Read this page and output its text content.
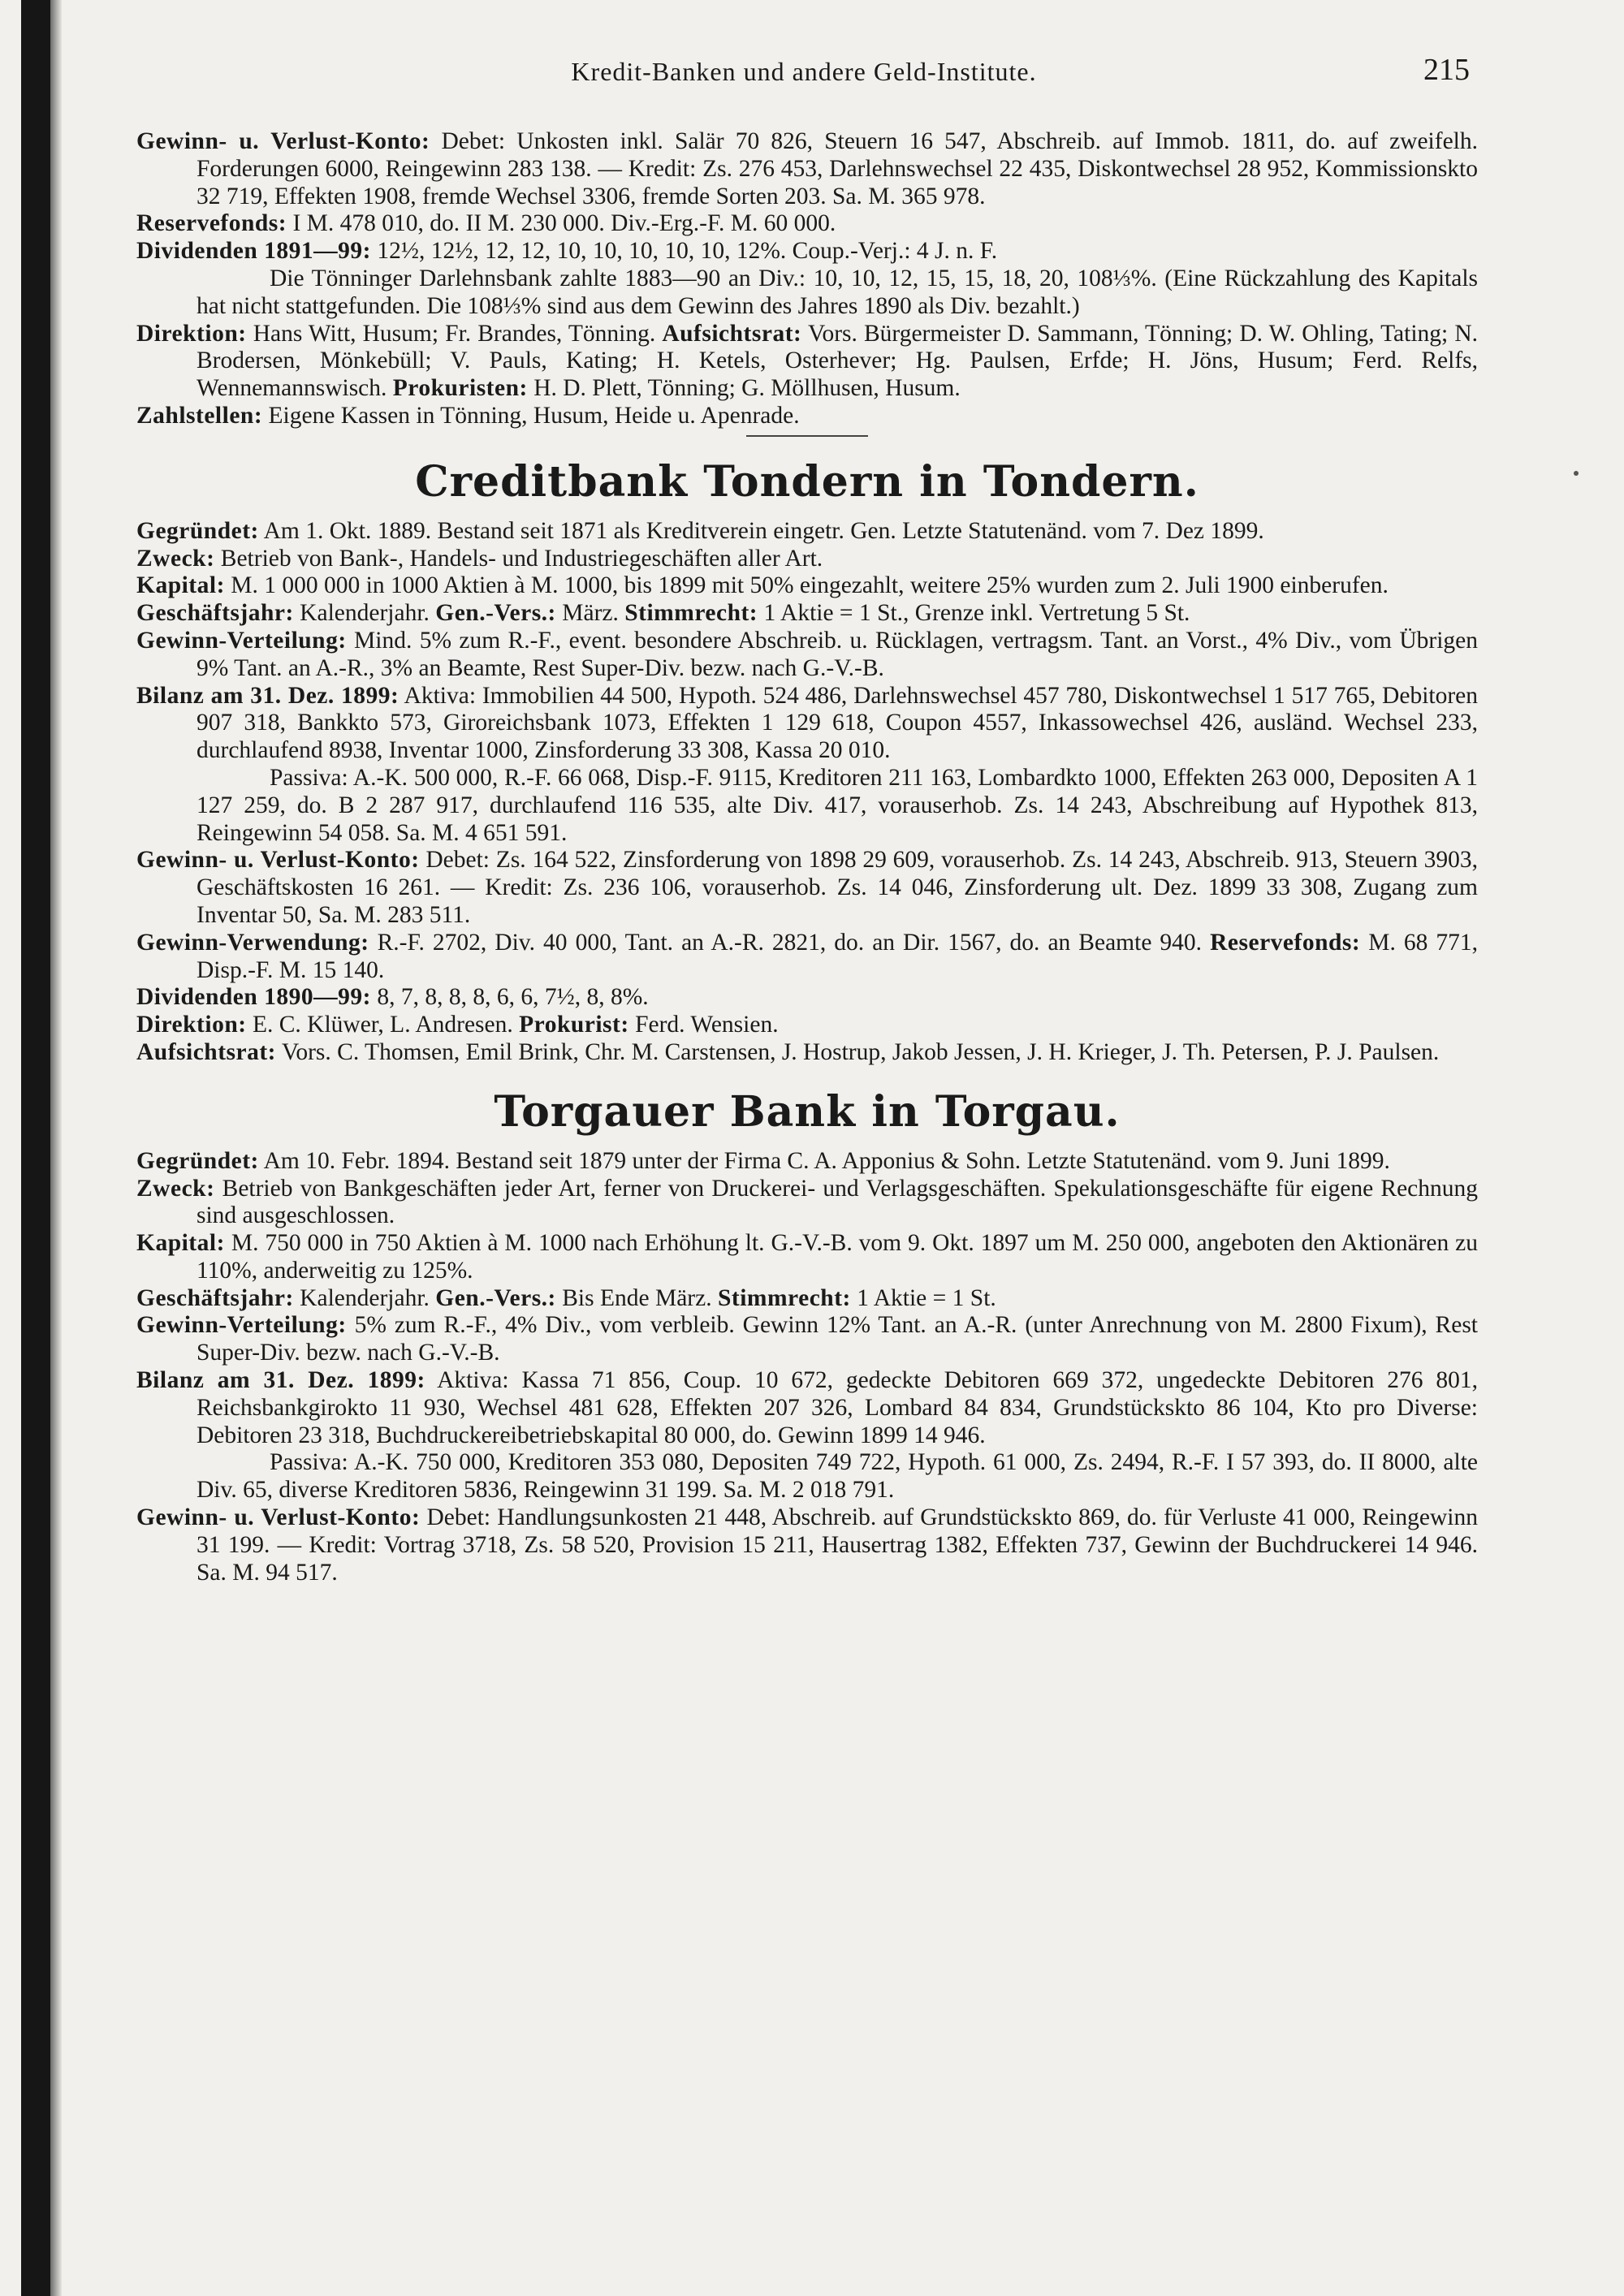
Kredit-Banken und andere Geld-Institute.	215

Gewinn- u. Verlust-Konto: Debet: Unkosten inkl. Salär 70 826, Steuern 16 547, Abschreib. auf Immob. 1811, do. auf zweifelh. Forderungen 6000, Reingewinn 283 138. — Kredit: Zs. 276 453, Darlehnswechsel 22 435, Diskontwechsel 28 952, Kommissionskto 32 719, Effekten 1908, fremde Wechsel 3306, fremde Sorten 203. Sa. M. 365 978.

Reservefonds: I M. 478 010, do. II M. 230 000. Div.-Erg.-F. M. 60 000.

Dividenden 1891—99: 12½, 12½, 12, 12, 10, 10, 10, 10, 10, 12%. Coup.-Verj.: 4 J. n. F.

Die Tönninger Darlehnsbank zahlte 1883—90 an Div.: 10, 10, 12, 15, 15, 18, 20, 108⅓%. (Eine Rückzahlung des Kapitals hat nicht stattgefunden. Die 108⅓% sind aus dem Gewinn des Jahres 1890 als Div. bezahlt.)

Direktion: Hans Witt, Husum; Fr. Brandes, Tönning. Aufsichtsrat: Vors. Bürgermeister D. Sammann, Tönning; D. W. Ohling, Tating; N. Brodersen, Mönkebüll; V. Pauls, Kating; H. Ketels, Osterhever; Hg. Paulsen, Erfde; H. Jöns, Husum; Ferd. Relfs, Wennemannswisch. Prokuristen: H. D. Plett, Tönning; G. Möllhusen, Husum.

Zahlstellen: Eigene Kassen in Tönning, Husum, Heide u. Apenrade.

Creditbank Tondern in Tondern.

Gegründet: Am 1. Okt. 1889. Bestand seit 1871 als Kreditverein eingetr. Gen. Letzte Statutenänd. vom 7. Dez 1899.

Zweck: Betrieb von Bank-, Handels- und Industriegeschäften aller Art.

Kapital: M. 1 000 000 in 1000 Aktien à M. 1000, bis 1899 mit 50% eingezahlt, weitere 25% wurden zum 2. Juli 1900 einberufen.

Geschäftsjahr: Kalenderjahr. Gen.-Vers.: März. Stimmrecht: 1 Aktie = 1 St., Grenze inkl. Vertretung 5 St.

Gewinn-Verteilung: Mind. 5% zum R.-F., event. besondere Abschreib. u. Rücklagen, vertragsm. Tant. an Vorst., 4% Div., vom Übrigen 9% Tant. an A.-R., 3% an Beamte, Rest Super-Div. bezw. nach G.-V.-B.

Bilanz am 31. Dez. 1899: Aktiva: Immobilien 44 500, Hypoth. 524 486, Darlehnswechsel 457 780, Diskontwechsel 1 517 765, Debitoren 907 318, Bankkto 573, Giroreichsbank 1073, Effekten 1 129 618, Coupon 4557, Inkassowechsel 426, ausländ. Wechsel 233, durchlaufend 8938, Inventar 1000, Zinsforderung 33 308, Kassa 20 010.

Passiva: A.-K. 500 000, R.-F. 66 068, Disp.-F. 9115, Kreditoren 211 163, Lombardkto 1000, Effekten 263 000, Depositen A 1 127 259, do. B 2 287 917, durchlaufend 116 535, alte Div. 417, vorauserhob. Zs. 14 243, Abschreibung auf Hypothek 813, Reingewinn 54 058. Sa. M. 4 651 591.

Gewinn- u. Verlust-Konto: Debet: Zs. 164 522, Zinsforderung von 1898 29 609, vorauserhob. Zs. 14 243, Abschreib. 913, Steuern 3903, Geschäftskosten 16 261. — Kredit: Zs. 236 106, vorauserhob. Zs. 14 046, Zinsforderung ult. Dez. 1899 33 308, Zugang zum Inventar 50, Sa. M. 283 511.

Gewinn-Verwendung: R.-F. 2702, Div. 40 000, Tant. an A.-R. 2821, do. an Dir. 1567, do. an Beamte 940. Reservefonds: M. 68 771, Disp.-F. M. 15 140.

Dividenden 1890—99: 8, 7, 8, 8, 8, 6, 6, 7½, 8, 8%.

Direktion: E. C. Klüwer, L. Andresen. Prokurist: Ferd. Wensien.

Aufsichtsrat: Vors. C. Thomsen, Emil Brink, Chr. M. Carstensen, J. Hostrup, Jakob Jessen, J. H. Krieger, J. Th. Petersen, P. J. Paulsen.

Torgauer Bank in Torgau.

Gegründet: Am 10. Febr. 1894. Bestand seit 1879 unter der Firma C. A. Apponius & Sohn. Letzte Statutenänd. vom 9. Juni 1899.

Zweck: Betrieb von Bankgeschäften jeder Art, ferner von Druckerei- und Verlagsgeschäften. Spekulationsgeschäfte für eigene Rechnung sind ausgeschlossen.

Kapital: M. 750 000 in 750 Aktien à M. 1000 nach Erhöhung lt. G.-V.-B. vom 9. Okt. 1897 um M. 250 000, angeboten den Aktionären zu 110%, anderweitig zu 125%.

Geschäftsjahr: Kalenderjahr. Gen.-Vers.: Bis Ende März. Stimmrecht: 1 Aktie = 1 St.

Gewinn-Verteilung: 5% zum R.-F., 4% Div., vom verbleib. Gewinn 12% Tant. an A.-R. (unter Anrechnung von M. 2800 Fixum), Rest Super-Div. bezw. nach G.-V.-B.

Bilanz am 31. Dez. 1899: Aktiva: Kassa 71 856, Coup. 10 672, gedeckte Debitoren 669 372, ungedeckte Debitoren 276 801, Reichsbankgirokto 11 930, Wechsel 481 628, Effekten 207 326, Lombard 84 834, Grundstückskto 86 104, Kto pro Diverse: Debitoren 23 318, Buchdruckereibetriebskapital 80 000, do. Gewinn 1899 14 946.

Passiva: A.-K. 750 000, Kreditoren 353 080, Depositen 749 722, Hypoth. 61 000, Zs. 2494, R.-F. I 57 393, do. II 8000, alte Div. 65, diverse Kreditoren 5836, Reingewinn 31 199. Sa. M. 2 018 791.

Gewinn- u. Verlust-Konto: Debet: Handlungsunkosten 21 448, Abschreib. auf Grundstückskto 869, do. für Verluste 41 000, Reingewinn 31 199. — Kredit: Vortrag 3718, Zs. 58 520, Provision 15 211, Hausertrag 1382, Effekten 737, Gewinn der Buchdruckerei 14 946. Sa. M. 94 517.
